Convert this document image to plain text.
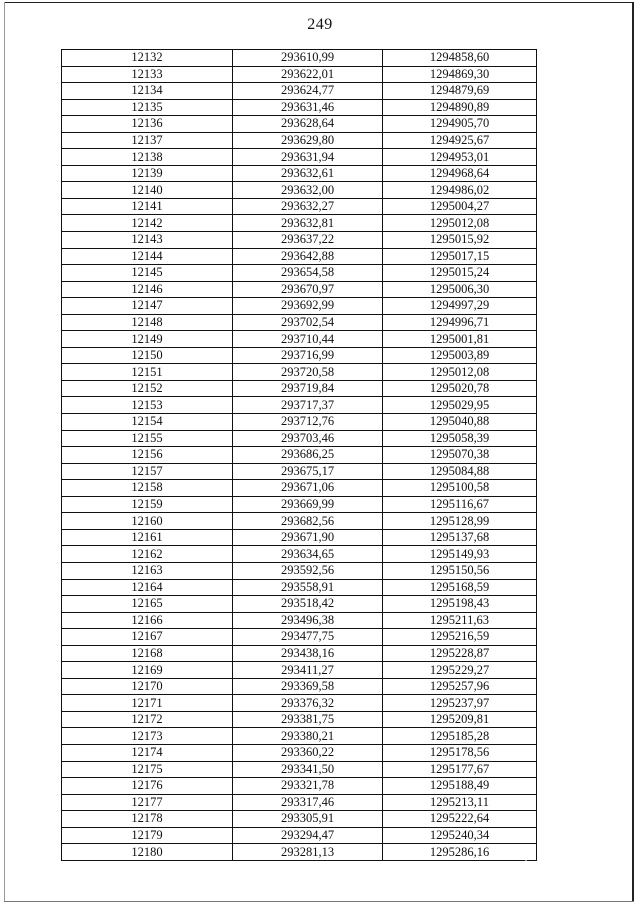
249
12132	293610,99	1294858,60
12133	293622,01	1294869,30
12134	293624,77	1294879,69
12135	293631,46	1294890,89
12136	293628,64	1294905,70
12137	293629,80	1294925,67
12138	293631,94	1294953,01
12139	293632,61	1294968,64
12140	293632,00	1294986,02
12141	293632,27	1295004,27
12142	293632,81	1295012,08
12143	293637,22	1295015,92
12144	293642,88	1295017,15
12145	293654,58	1295015,24
12146	293670,97	1295006,30
12147	293692,99	1294997,29
12148	293702,54	1294996,71
12149	293710,44	1295001,81
12150	293716,99	1295003,89
12151	293720,58	1295012,08
12152	293719,84	1295020,78
12153	293717,37	1295029,95
12154	293712,76	1295040,88
12155	293703,46	1295058,39
12156	293686,25	1295070,38
12157	293675,17	1295084,88
12158	293671,06	1295100,58
12159	293669,99	1295116,67
12160	293682,56	1295128,99
12161	293671,90	1295137,68
12162	293634,65	1295149,93
12163	293592,56	1295150,56
12164	293558,91	1295168,59
12165	293518,42	1295198,43
12166	293496,38	1295211,63
12167	293477,75	1295216,59
12168	293438,16	1295228,87
12169	293411,27	1295229,27
12170	293369,58	1295257,96
12171	293376,32	1295237,97
12172	293381,75	1295209,81
12173	293380,21	1295185,28
12174	293360,22	1295178,56
12175	293341,50	1295177,67
12176	293321,78	1295188,49
12177	293317,46	1295213,11
12178	293305,91	1295222,64
12179	293294,47	1295240,34
12180	293281,13	1295286,16
